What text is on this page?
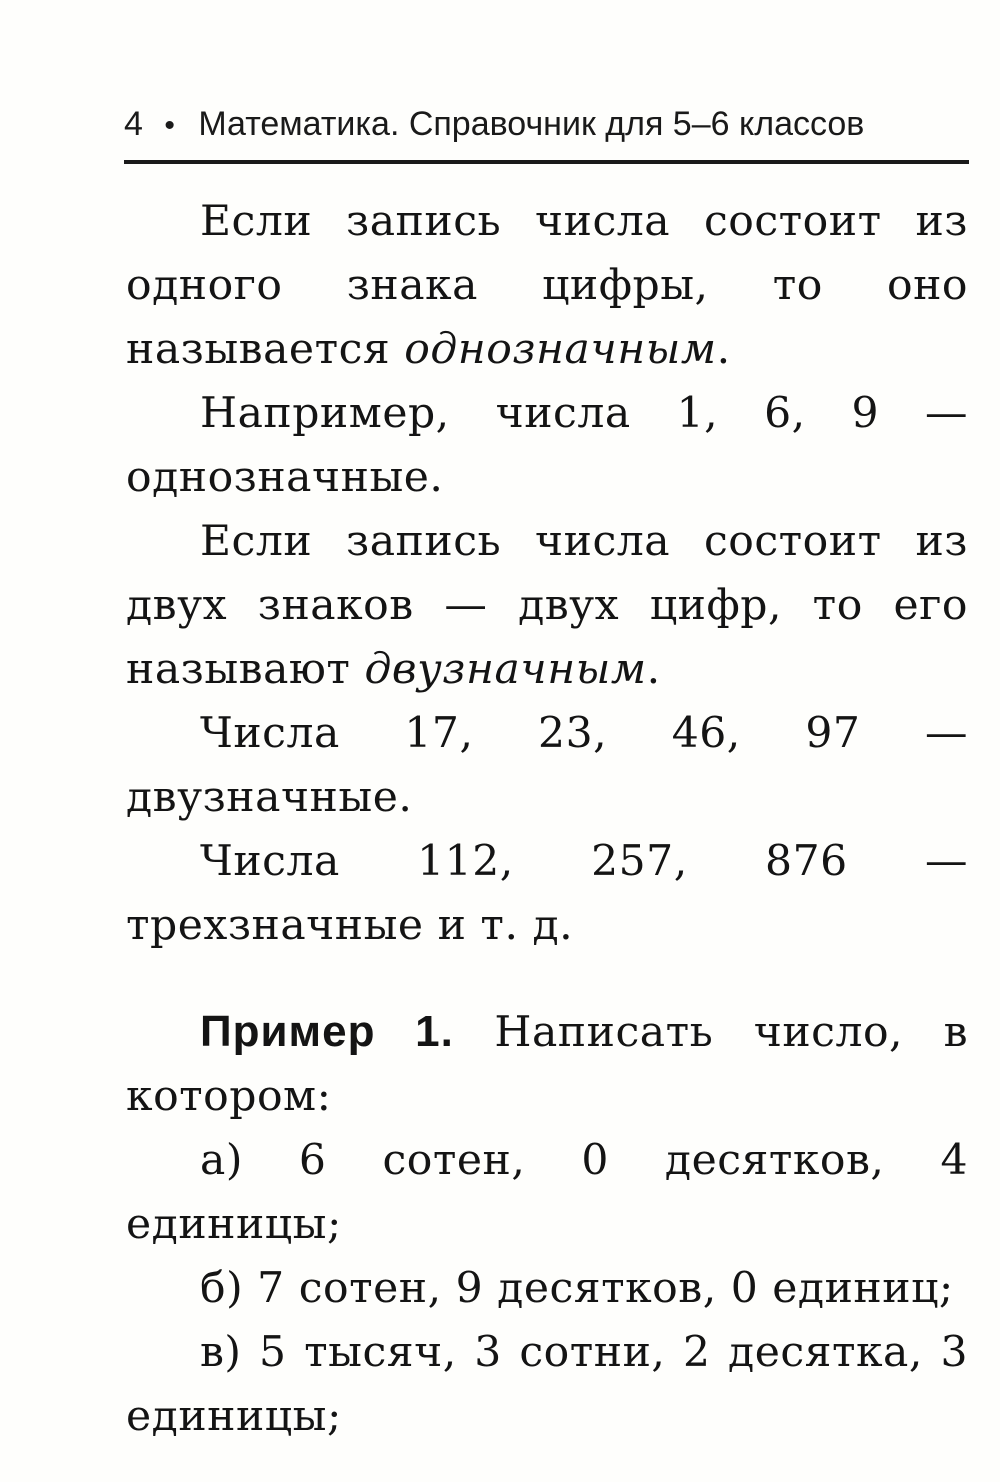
4 • Математика. Справочник для 5–6 классов

Если запись числа состоит из одного знака цифры, то оно называется однозначным.

Например, числа 1, 6, 9 — однозначные.

Если запись числа состоит из двух знаков — двух цифр, то его называют двузначным.

Числа 17, 23, 46, 97 — двузначные.

Числа 112, 257, 876 — трехзначные и т. д.

Пример 1. Написать число, в котором:

а) 6 сотен, 0 десятков, 4 единицы;

б) 7 сотен, 9 десятков, 0 единиц;

в) 5 тысяч, 3 сотни, 2 десятка, 3 единицы;
